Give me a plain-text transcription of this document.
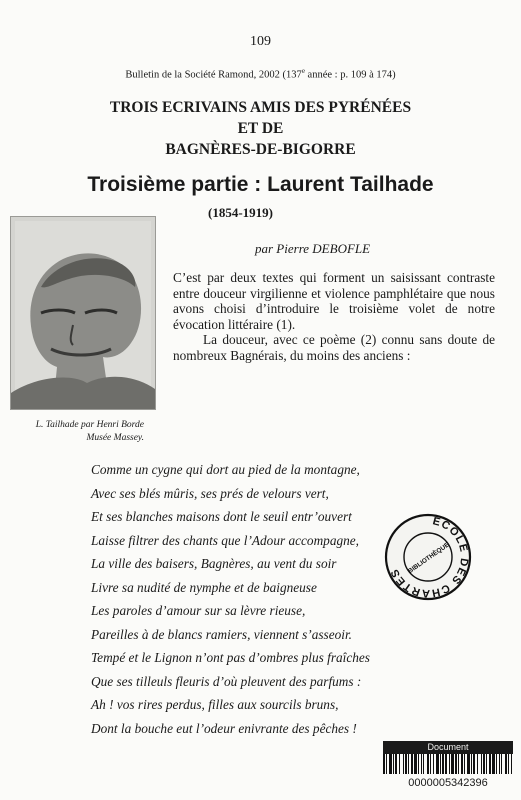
109
Bulletin de la Société Ramond, 2002 (137e année : p. 109 à 174)
TROIS ECRIVAINS AMIS DES PYRÉNÉES
ET DE
BAGNÈRES-DE-BIGORRE
Troisième partie : Laurent Tailhade
(1854-1919)
par Pierre DEBOFLE
L. Tailhade par Henri Borde
Musée Massey.

C’est par deux textes qui forment un saisissant contraste entre douceur virgilienne et violence pamphlétaire que nous avons choisi d’introduire le troisième volet de notre évocation littéraire (1).

La douceur, avec ce poème (2) connu sans doute de nombreux Bagnérais, du moins des anciens :

Comme un cygne qui dort au pied de la montagne,
Avec ses blés mûris, ses prés de velours vert,
Et ses blanches maisons dont le seuil entr’ouvert
Laisse filtrer des chants que l’Adour accompagne,
La ville des baisers, Bagnères, au vent du soir
Livre sa nudité de nymphe et de baigneuse
Les paroles d’amour sur sa lèvre rieuse,
Pareilles à de blancs ramiers, viennent s’asseoir.
Tempé et le Lignon n’ont pas d’ombres plus fraîches
Que ses tilleuls fleuris d’où pleuvent des parfums :
Ah ! vos rires perdus, filles aux sourcils bruns,
Dont la bouche eut l’odeur enivrante des pêches !
ÉCOLE DES CHARTES BIBLIOTHÈQUE
Document
0000005342396
